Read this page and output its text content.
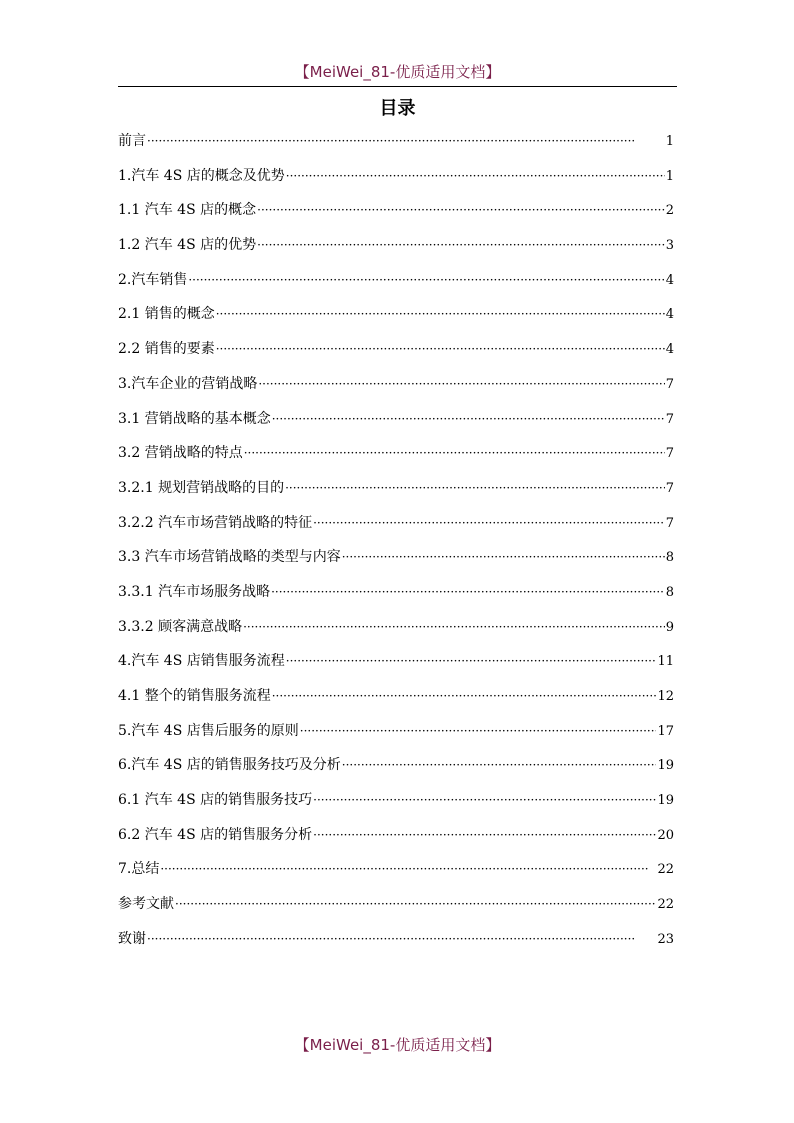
【MeiWei_81-优质适用文档】
目录
前言 ·····	1
1.汽车 4S 店的概念及优势 ·····	1
1.1 汽车 4S 店的概念 ·····	2
1.2 汽车 4S 店的优势 ·····	3
2.汽车销售 ·····	4
2.1 销售的概念 ·····	4
2.2 销售的要素 ·····	4
3.汽车企业的营销战略 ·····	7
3.1 营销战略的基本概念 ·····	7
3.2 营销战略的特点 ·····	7
3.2.1 规划营销战略的目的 ·····	7
3.2.2 汽车市场营销战略的特征 ·····	7
3.3 汽车市场营销战略的类型与内容 ·····	8
3.3.1 汽车市场服务战略 ·····	8
3.3.2 顾客满意战略 ·····	9
4.汽车 4S 店销售服务流程 ·····	11
4.1 整个的销售服务流程 ·····	12
5.汽车 4S 店售后服务的原则 ·····	17
6.汽车 4S 店的销售服务技巧及分析 ·····	19
6.1 汽车 4S 店的销售服务技巧 ·····	19
6.2 汽车 4S 店的销售服务分析 ·····	20
7.总结 ·····	22
参考文献 ·····	22
致谢 ·····	23
【MeiWei_81-优质适用文档】
